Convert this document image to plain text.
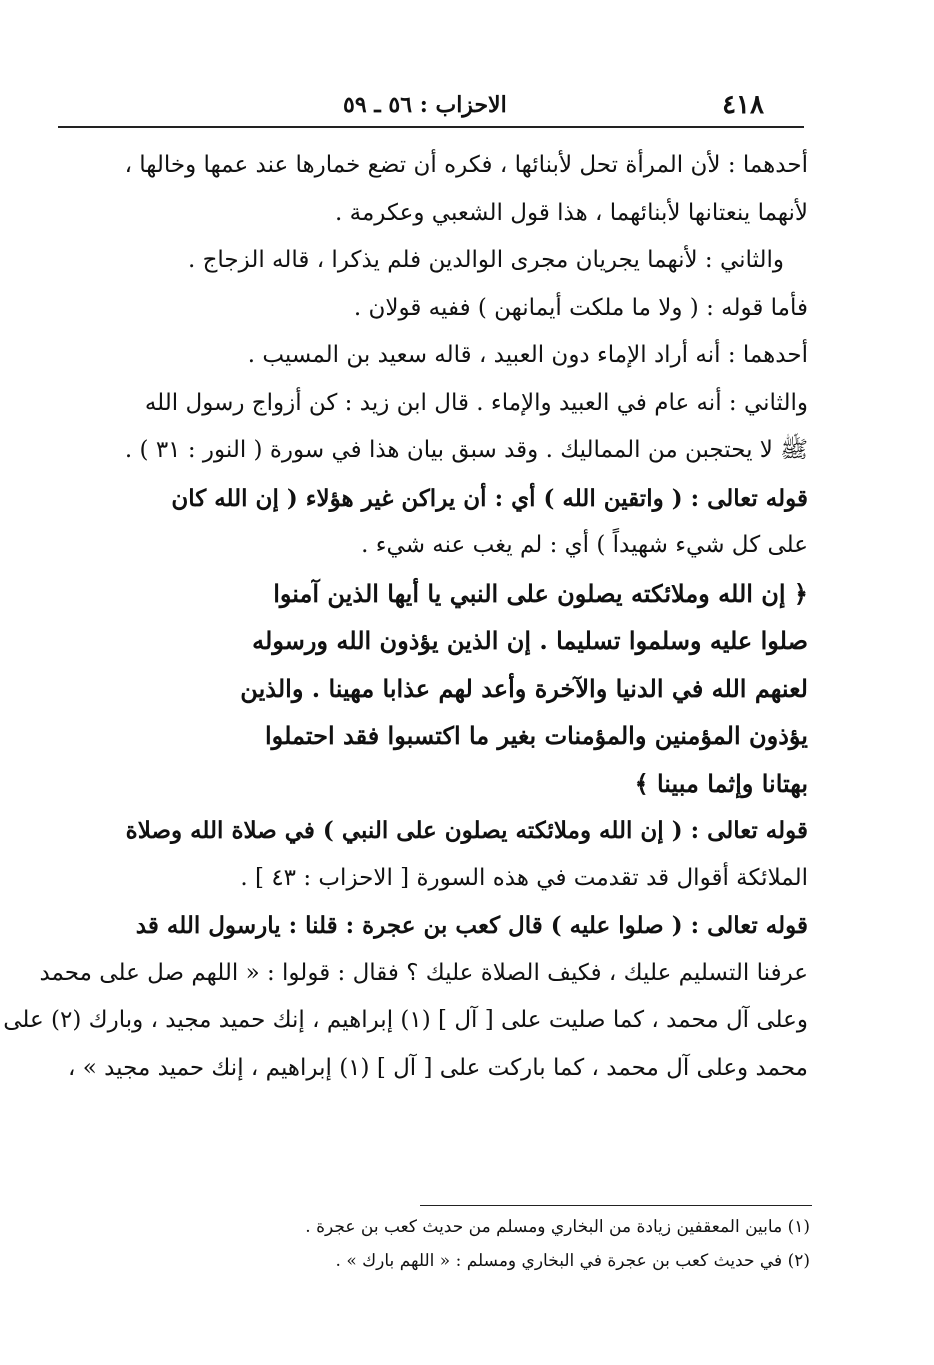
٤١٨
الاحزاب : ٥٦ ـ ٥٩
أحدهما : لأن المرأة تحل لأبنائها ، فكره أن تضع خمارها عند عمها وخالها ،
لأنهما ينعتانها لأبنائهما ، هذا قول الشعبي وعكرمة .
والثاني : لأنهما يجريان مجرى الوالدين فلم يذكرا ، قاله الزجاج .
فأما قوله : ( ولا ما ملكت أيمانهن ) ففيه قولان .
أحدهما : أنه أراد الإماء دون العبيد ، قاله سعيد بن المسيب .
والثاني : أنه عام في العبيد والإماء . قال ابن زيد : كن أزواج رسول الله
ﷺ لا يحتجبن من المماليك . وقد سبق بيان هذا في سورة ( النور : ٣١ ) .
قوله تعالى : ( واتقين الله ) أي : أن يراكن غير هؤلاء ( إن الله كان
على كل شيء شهيداً ) أي : لم يغب عنه شيء .
﴿ إن الله وملائكته يصلون على النبي يا أيها الذين آمنوا
صلوا عليه وسلموا تسليما . إن الذين يؤذون الله ورسوله
لعنهم الله في الدنيا والآخرة وأعد لهم عذابا مهينا . والذين
يؤذون المؤمنين والمؤمنات بغير ما اكتسبوا فقد احتملوا
بهتانا وإثما مبينا ﴾
قوله تعالى : ( إن الله وملائكته يصلون على النبي ) في صلاة الله وصلاة
الملائكة أقوال قد تقدمت في هذه السورة [ الاحزاب : ٤٣ ] .
قوله تعالى : ( صلوا عليه ) قال كعب بن عجرة : قلنا : يارسول الله قد
عرفنا التسليم عليك ، فكيف الصلاة عليك ؟ فقال : قولوا : « اللهم صل على محمد
وعلى آل محمد ، كما صليت على [ آل ] (١) إبراهيم ، إنك حميد مجيد ، وبارك (٢) على
محمد وعلى آل محمد ، كما باركت على [ آل ] (١) إبراهيم ، إنك حميد مجيد » ،
(١) مابين المعقفين زيادة من البخاري ومسلم من حديث كعب بن عجرة .
(٢) في حديث كعب بن عجرة في البخاري ومسلم : « اللهم بارك » .
